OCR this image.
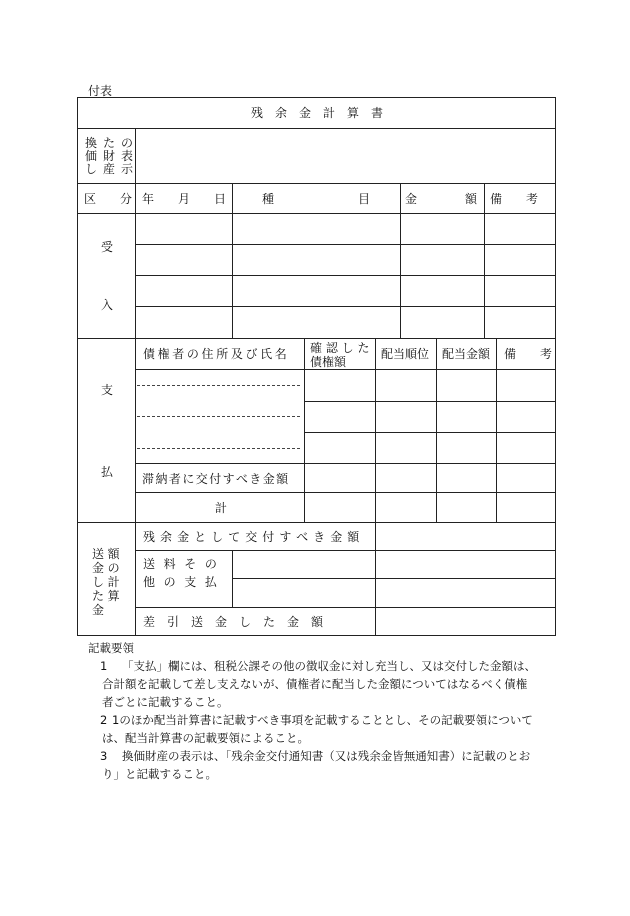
付表
残　余　金　計　算　書
換たの
価財表
し産示
区　　分 年　　月　　日	種　　　　　　　目	金　　　　額 備　　考
受
入
支
払
債権者の住所及び氏名 確 認 し た
債権額
配当順位 配当金額 備　　考
滞納者に交付すべき金額
計
送額
金の
し計
た算
金
残余金として交付すべき金額
送 料 そ の
他 の 支 払
差　引　送　金　し　た　金　額

記載要領

1 「支払」欄には、租税公課その他の徴収金に対し充当し、又は交付した金額は、

合計額を記載して差し支えないが、債権者に配当した金額についてはなるべく債権

者ごとに記載すること。

2 1のほか配当計算書に記載すべき事項を記載することとし、その記載要領について

は、配当計算書の記載要領によること。

3 換価財産の表示は、「残余金交付通知書（又は残余金皆無通知書）に記載のとお

り」と記載すること。
